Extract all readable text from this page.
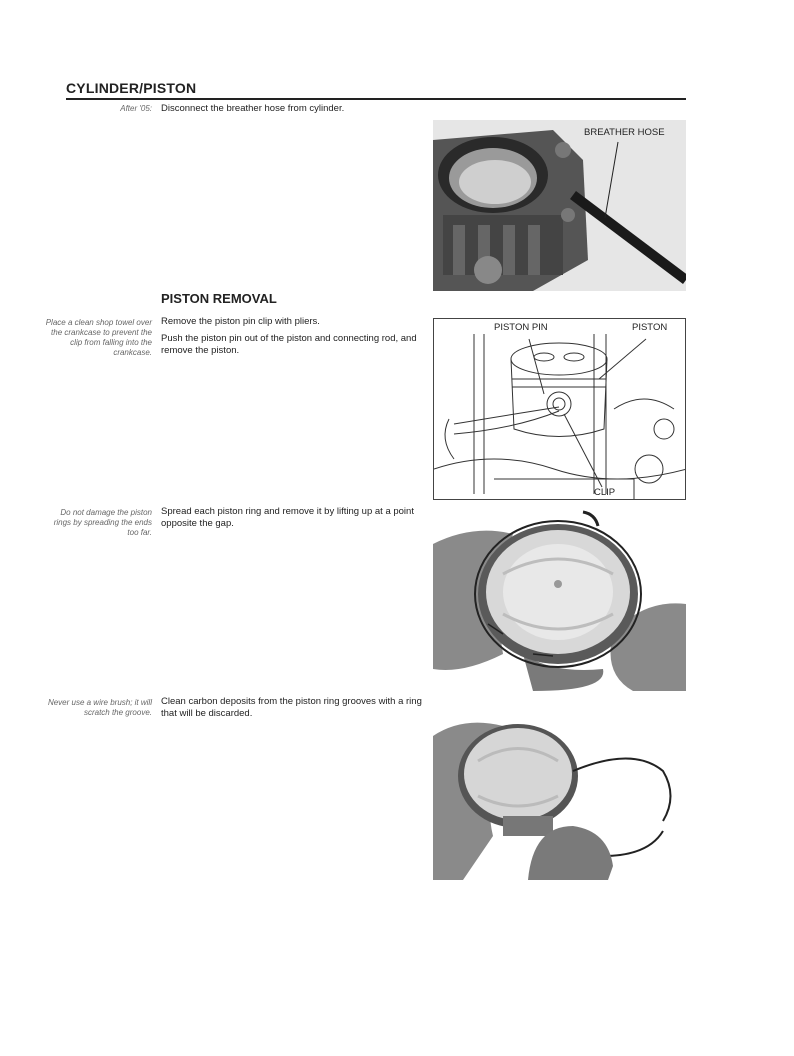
CYLINDER/PISTON
After '05: Disconnect the breather hose from cylinder.

BREATHER HOSE
PISTON REMOVAL
Place a clean shop towel over the crankcase to prevent the clip from falling into the crankcase.

Remove the piston pin clip with pliers.

Push the piston pin out of the piston and connecting rod, and remove the piston.

PISTON PIN	PISTON
CLIP
Do not damage the piston rings by spreading the ends too far.

Spread each piston ring and remove it by lifting up at a point opposite the gap.

Never use a wire brush; it will scratch the groove.

Clean carbon deposits from the piston ring grooves with a ring that will be discarded.
